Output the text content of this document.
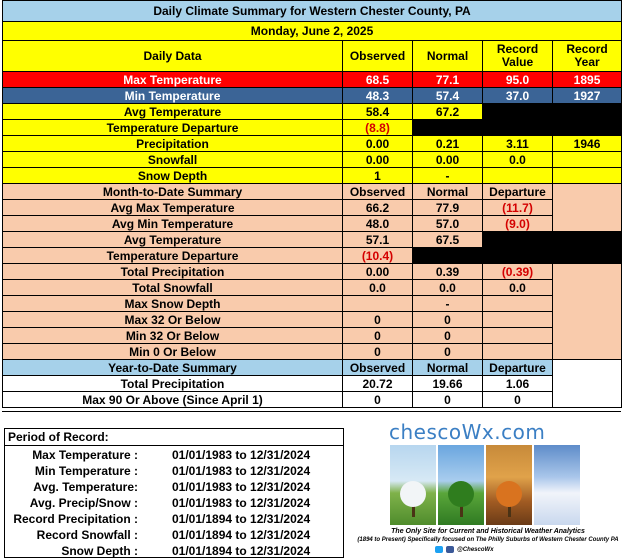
Daily Climate Summary for Western Chester County, PA				
Monday, June 2, 2025				
Daily Data	Observed	Normal	Record Value	Record Year
Max Temperature	68.5	77.1	95.0	1895
Min Temperature	48.3	57.4	37.0	1927
Avg Temperature	58.4	67.2		
Temperature Departure	(8.8)			
Precipitation	0.00	0.21	3.11	1946
Snowfall	0.00	0.00	0.0	
Snow Depth	1	-		
Month-to-Date Summary	Observed	Normal	Departure	
Avg Max Temperature	66.2	77.9	(11.7)	
Avg Min Temperature	48.0	57.0	(9.0)	
Avg Temperature	57.1	67.5		
Temperature Departure	(10.4)			
Total Precipitation	0.00	0.39	(0.39)	
Total Snowfall	0.0	0.0	0.0	
Max Snow Depth		-		
Max 32 Or Below	0	0		
Min 32 Or Below	0	0		
Min 0 Or Below	0	0		
Year-to-Date Summary	Observed	Normal	Departure	
Total Precipitation	20.72	19.66	1.06	
Max 90 Or Above (Since April 1)	0	0	0	
Period of Record:
Max Temperature :	01/01/1983 to 12/31/2024
Min Temperature :	01/01/1983 to 12/31/2024
Avg. Temperature:	01/01/1983 to 12/31/2024
Avg. Precip/Snow :	01/01/1983 to 12/31/2024
Record Precipitation :	01/01/1894 to 12/31/2024
Record Snowfall :	01/01/1894 to 12/31/2024
Snow Depth :	01/01/1894 to 12/31/2024
chescoWx.com
The Only Site for Current and Historical Weather Analytics
(1894 to Present) Specifically focused on The Philly Suburbs of Western Chester County PA
@ChescoWx
